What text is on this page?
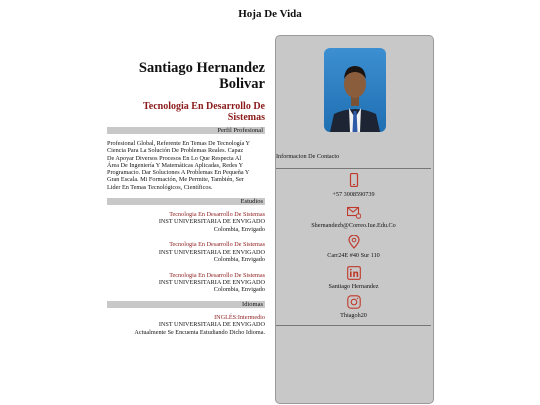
Hoja De Vida
Santiago Hernandez
Bolivar
Tecnologia En Desarrollo De
Sistemas
Perfil Profesional
Profesional Global, Referente En Temas De Tecnología Y
Ciencia Para La Solución De Problemas Reales. Capaz
De Apoyar Diversos Procesos En Lo Que Respecta Al
Área De Ingeniería Y Matemáticas Aplicadas, Redes Y
Programacio. Dar Soluciones A Problemas En Pequeña Y
Gran Escala. Mi Formación, Me Permite, También, Ser
Lider En Temas Tecnológicos, Científicos.
Estudios
Tecnologia En Desarrollo De Sistemas
INST UNIVERSITARIA DE ENVIGADO
Colombia, Envigado
Tecnologia En Desarrollo De Sistemas
INST UNIVERSITARIA DE ENVIGADO
Colombia, Envigado
Tecnologia En Desarrollo De Sistemas
INST UNIVERSITARIA DE ENVIGADO
Colombia, Envigado
Idiomas
INGLÉS:Intermedio
INST UNIVERSITARIA DE ENVIGADO
Actualmente Se Encuenta Estudiando Dicho Idioma.
Informacion De Contacto
+57 3008590739
Shernandezb@Correo.Iue.Edu.Co
Carr24E #40 Sur 110
Santiago Hernandez
Thiagoh20
